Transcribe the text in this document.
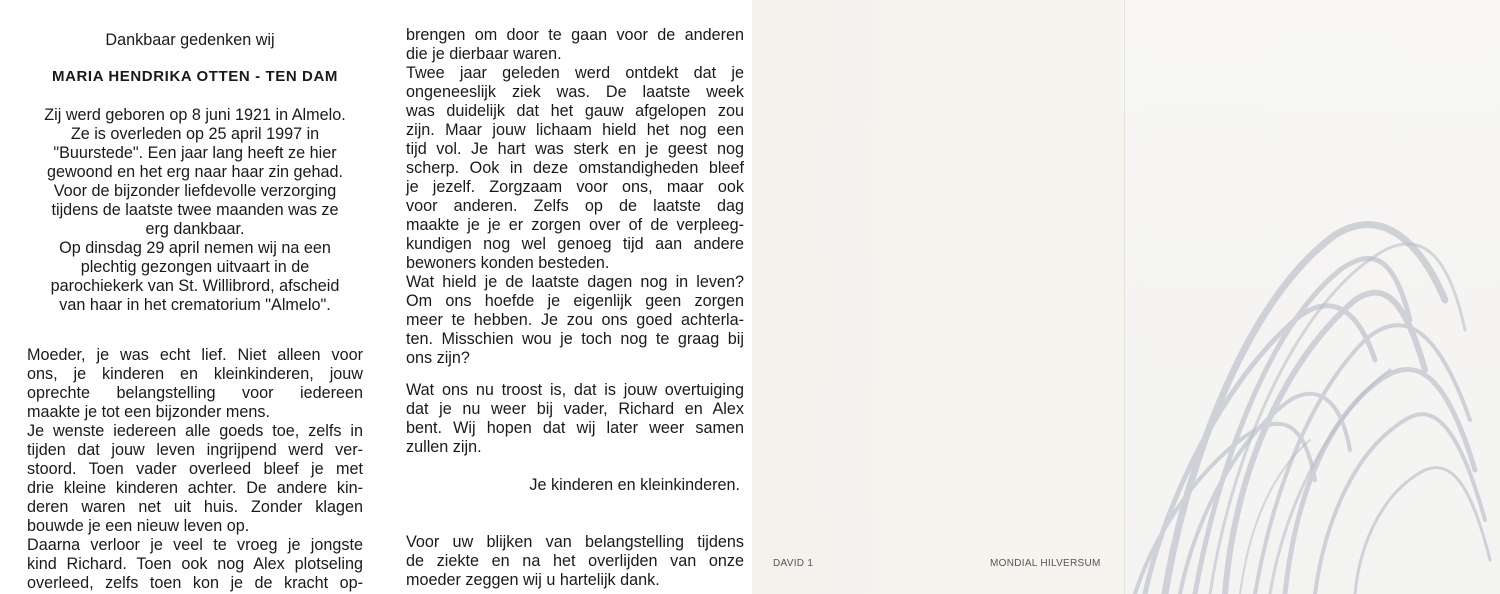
Dankbaar gedenken wij

MARIA HENDRIKA OTTEN - TEN DAM

Zij werd geboren op 8 juni 1921 in Almelo.
Ze is overleden op 25 april 1997 in
"Buurstede". Een jaar lang heeft ze hier
gewoond en het erg naar haar zin gehad.
Voor de bijzonder liefdevolle verzorging
tijdens de laatste twee maanden was ze
erg dankbaar.
Op dinsdag 29 april nemen wij na een
plechtig gezongen uitvaart in de
parochiekerk van St. Willibrord, afscheid
van haar in het crematorium "Almelo".
Moeder, je was echt lief. Niet alleen voor
ons, je kinderen en kleinkinderen, jouw
oprechte belangstelling voor iedereen
maakte je tot een bijzonder mens.
Je wenste iedereen alle goeds toe, zelfs in
tijden dat jouw leven ingrijpend werd ver-
stoord. Toen vader overleed bleef je met
drie kleine kinderen achter. De andere kin-
deren waren net uit huis. Zonder klagen
bouwde je een nieuw leven op.
Daarna verloor je veel te vroeg je jongste
kind Richard. Toen ook nog Alex plotseling
overleed, zelfs toen kon je de kracht op-
brengen om door te gaan voor de anderen
die je dierbaar waren.
Twee jaar geleden werd ontdekt dat je
ongeneeslijk ziek was. De laatste week
was duidelijk dat het gauw afgelopen zou
zijn. Maar jouw lichaam hield het nog een
tijd vol. Je hart was sterk en je geest nog
scherp. Ook in deze omstandigheden bleef
je jezelf. Zorgzaam voor ons, maar ook
voor anderen. Zelfs op de laatste dag
maakte je je er zorgen over of de verpleeg-
kundigen nog wel genoeg tijd aan andere
bewoners konden besteden.
Wat hield je de laatste dagen nog in leven?
Om ons hoefde je eigenlijk geen zorgen
meer te hebben. Je zou ons goed achterla-
ten. Misschien wou je toch nog te graag bij
ons zijn?
Wat ons nu troost is, dat is jouw overtuiging
dat je nu weer bij vader, Richard en Alex
bent. Wij hopen dat wij later weer samen
zullen zijn.

Je kinderen en kleinkinderen.

Voor uw blijken van belangstelling tijdens
de ziekte en na het overlijden van onze
moeder zeggen wij u hartelijk dank.
DAVID 1	MONDIAL HILVERSUM
